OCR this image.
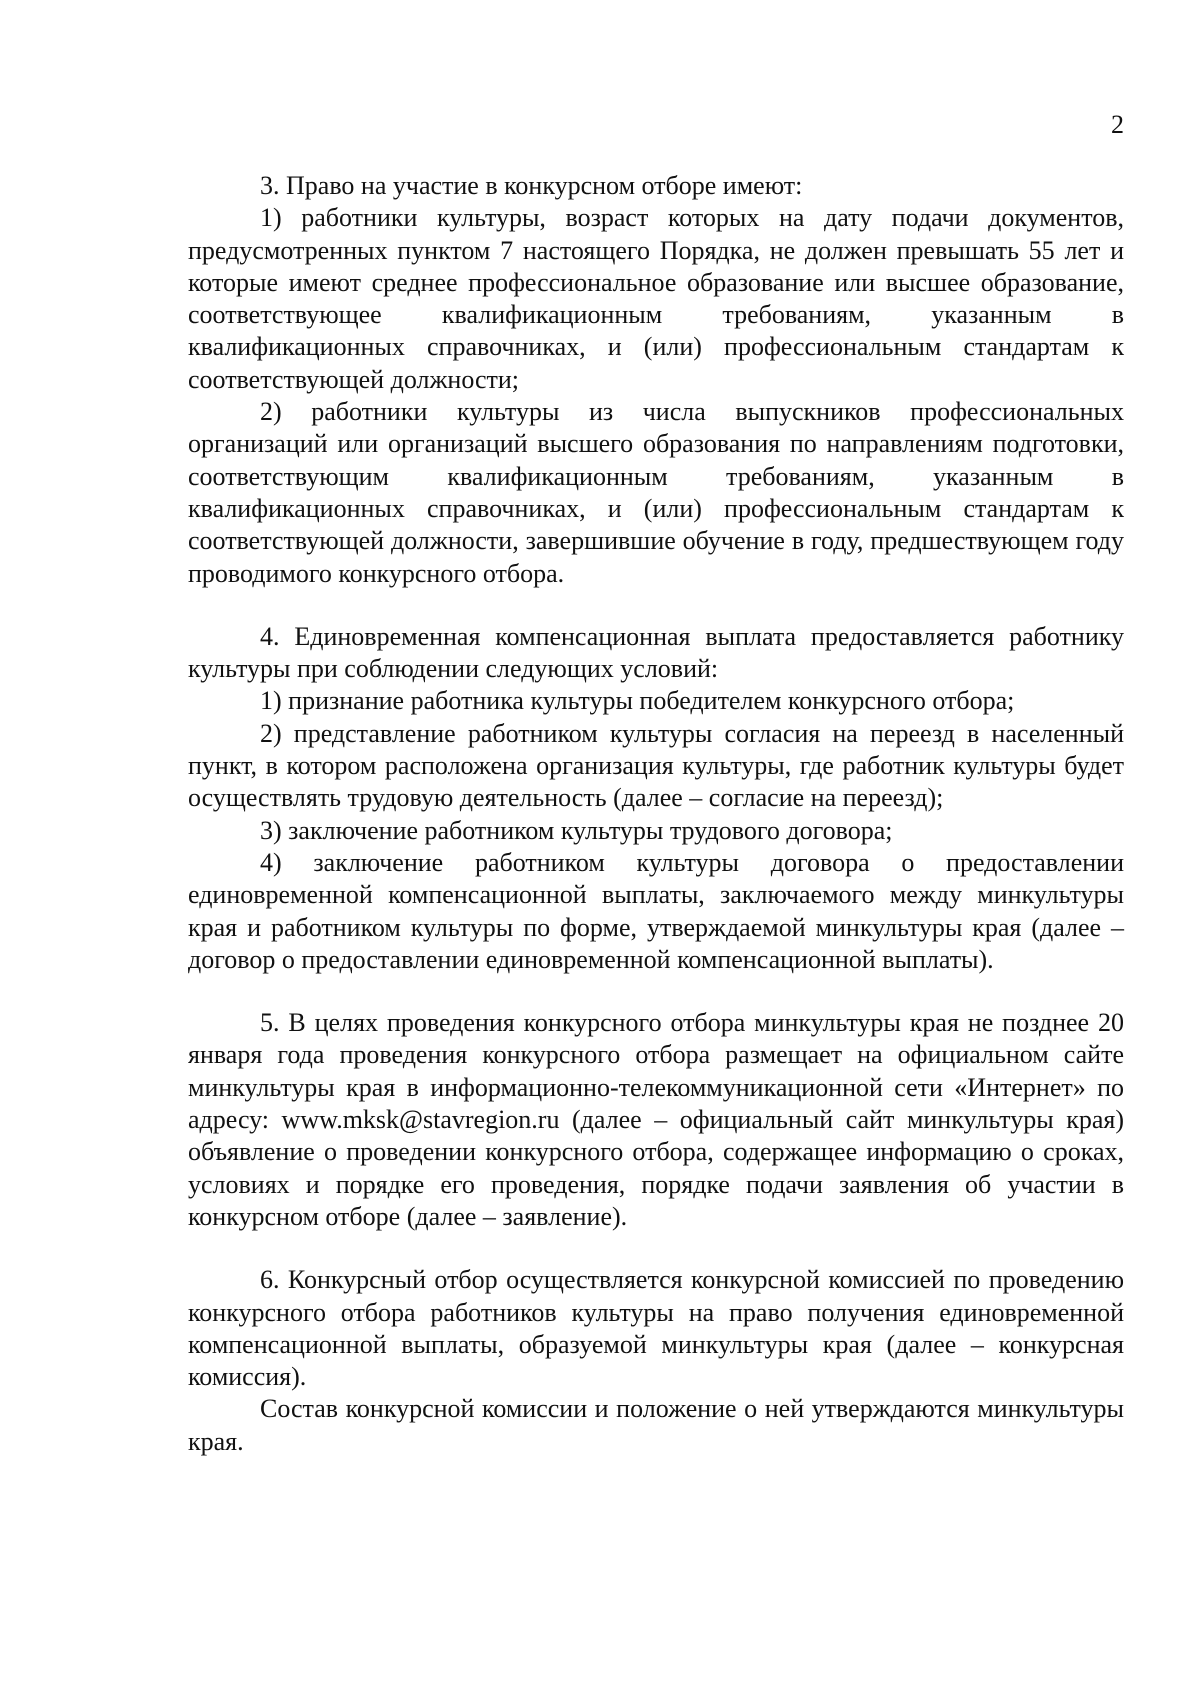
2

3. Право на участие в конкурсном отборе имеют:

1) работники культуры, возраст которых на дату подачи документов, предусмотренных пунктом 7 настоящего Порядка, не должен превышать 55 лет и которые имеют среднее профессиональное образование или высшее образование, соответствующее квалификационным требованиям, указанным в квалификационных справочниках, и (или) профессиональным стандартам к соответствующей должности;

2) работники культуры из числа выпускников профессиональных организаций или организаций высшего образования по направлениям подготовки, соответствующим квалификационным требованиям, указанным в квалификационных справочниках, и (или) профессиональным стандартам к соответствующей должности, завершившие обучение в году, предшествующем году проводимого конкурсного отбора.

4. Единовременная компенсационная выплата предоставляется работнику культуры при соблюдении следующих условий:

1) признание работника культуры победителем конкурсного отбора;

2) представление работником культуры согласия на переезд в населенный пункт, в котором расположена организация культуры, где работник культуры будет осуществлять трудовую деятельность (далее – согласие на переезд);

3) заключение работником культуры трудового договора;

4) заключение работником культуры договора о предоставлении единовременной компенсационной выплаты, заключаемого между минкультуры края и работником культуры по форме, утверждаемой минкультуры края (далее – договор о предоставлении единовременной компенсационной выплаты).

5. В целях проведения конкурсного отбора минкультуры края не позднее 20 января года проведения конкурсного отбора размещает на официальном сайте минкультуры края в информационно-телекоммуникационной сети «Интернет» по адресу: www.mksk@stavregion.ru (далее – официальный сайт минкультуры края) объявление о проведении конкурсного отбора, содержащее информацию о сроках, условиях и порядке его проведения, порядке подачи заявления об участии в конкурсном отборе (далее – заявление).

6. Конкурсный отбор осуществляется конкурсной комиссией по проведению конкурсного отбора работников культуры на право получения единовременной компенсационной выплаты, образуемой минкультуры края (далее – конкурсная комиссия).

Состав конкурсной комиссии и положение о ней утверждаются минкультуры края.
